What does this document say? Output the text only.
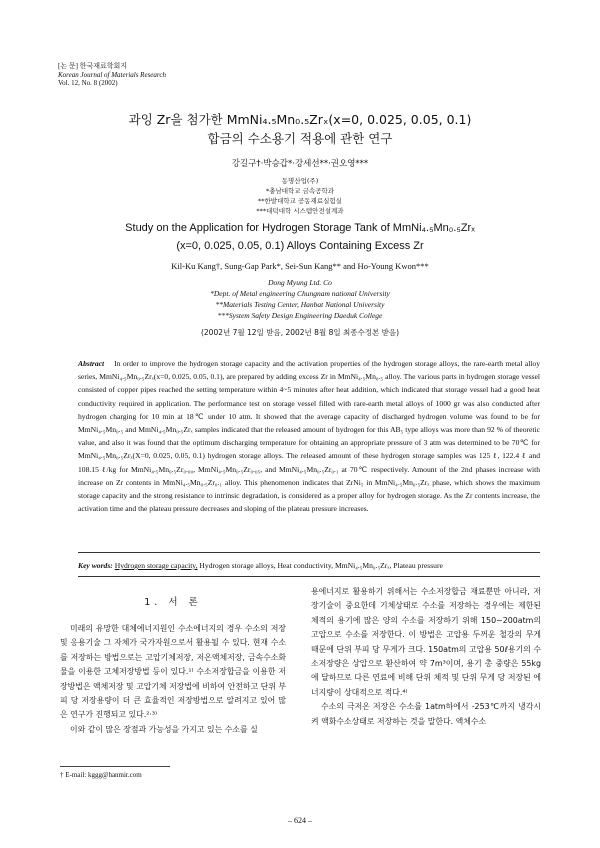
[논 문] 한국재료학회지
Korean Journal of Materials Research
Vol. 12, No. 8 (2002)
과잉 Zr을 첨가한 MmNi₄.₅Mn₀.₅Zrₓ(x=0, 0.025, 0.05, 0.1)
합금의 수소용기 적용에 관한 연구
강길구†·박승갑*·강세선**·권오영***
동명산업(주)
*충남대학교 금속공학과
**한밭대학교 공동재료실험실
***대덕대학 시스템안전설계과
Study on the Application for Hydrogen Storage Tank of MmNi₄.₅Mn₀.₅Zrₓ
(x=0, 0.025, 0.05, 0.1) Alloys Containing Excess Zr
Kil-Ku Kang†, Sung-Gap Park*, Sei-Sun Kang** and Ho-Young Kwon***
Dong Myung Ltd. Co
*Dept. of Metal engineering Chungnam national University
**Materials Testing Center, Hanbat National University
***System Safety Design Engineering Daeduk College
(2002년 7월 12일 받음, 2002년 8월 8일 최종수정본 받음)
Abstract In order to improve the hydrogen storage capacity and the activation properties of the hydrogen storage alloys, the rare-earth metal alloy series, MmNi₄.₅Mn₀.₅Zrₓ(x=0, 0.025, 0.05, 0.1), are prepared by adding excess Zr in MmNi₄.₅Mn₀.₅ alloy. The various parts in hydrogen storage vessel consisted of copper pipes reached the setting temperature within 4~5 minutes after heat addition, which indicated that storage vessel had a good heat conductivity required in application. The performance test on storage vessel filled with rare-earth metal alloys of 1000 gr was also conducted after hydrogen charging for 10 min at 18℃ under 10 atm. It showed that the average capacity of discharged hydrogen volume was found to be for MmNi₄.₅Mn₀.₅ and MmNi₄.₅Mn₀.₅Zrₓ samples indicated that the released amount of hydrogen for this AB₅ type alloys was more than 92 % of theoretic value, and also it was found that the optimum discharging temperature for obtaining an appropriate pressure of 3 atm was determined to be 70℃ for MmNi₄.₅Mn₀.₅Zrₓ(X=0, 0.025, 0.05, 0.1) hydrogen storage alloys. The released amount of these hydrogen storage samples was 125 ℓ, 122.4 ℓ and 108.15 ℓ/kg for MmNi₄.₅Mn₀.₅Zr₀.₀₀, MmNi₄.₅Mn₀.₅Zr₀.₀₅, and MmNi₄.₅Mn₀.₅Zr₀.₁ at 70℃ respectively. Amount of the 2nd phases increase with increase on Zr contents in MmNi₄.₅Mn₀.₅Zr₀.₁ alloy. This phenomenon indicates that ZrNi₅ in MmNi₄.₅Mn₀.₅Zrₓ phase, which shows the maximum storage capacity and the strong resistance to intrinsic degradation, is considered as a proper alloy for hydrogen storage. As the Zr contents increase, the activation time and the plateau pressure decreases and sloping of the plateau pressure increases.
Key words: Hydrogen storage capacity, Hydrogen storage alloys, Heat conductivity, MmNi₄.₅Mn₀.₅Zrₓ, Plateau pressure
1. 서 론

미래의 유망한 대체에너지원인 수소에너지의 경우 수소의 저장 및 응용기술 그 자체가 국가자원으로서 활용될 수 있다. 현재 수소를 저장하는 방법으로는 고압기체저장, 저온액체저장, 금속수소화물을 이용한 고체저장방법 등이 있다.¹⁾ 수소저장합금을 이용한 저장방법은 액체저장 및 고압기체 저장법에 비하여 안전하고 단위 부피 당 저장용량이 더 큰 효율적인 저장방법으로 알려지고 있어 많은 연구가 진행되고 있다.²·³⁾

이와 같이 많은 장점과 가능성을 가지고 있는 수소를 실

용에너지로 활용하기 위해서는 수소저장합금 재료뿐만 아니라, 저장기술이 중요한데 기체상태로 수소를 저장하는 경우에는 제한된 체적의 용기에 많은 양의 수소를 저장하기 위해 150~200atm의 고압으로 수소를 저장한다. 이 방법은 고압용 두꺼운 철강의 무게 때문에 단위 부피 당 무게가 크다. 150atm의 고압용 50ℓ용기의 수소저장량은 상압으로 환산하여 약 7m³이며, 용기 총 중량은 55kg에 달하므로 다른 연료에 비해 단위 체적 및 단위 무게 당 저장된 에너지량이 상대적으로 적다.⁴⁾

수소의 극저온 저장은 수소를 1atm하에서 -253℃까지 냉각시켜 액화수소상태로 저장하는 것을 말한다. 액체수소

† E-mail: kggg@hanmir.com
– 624 –
